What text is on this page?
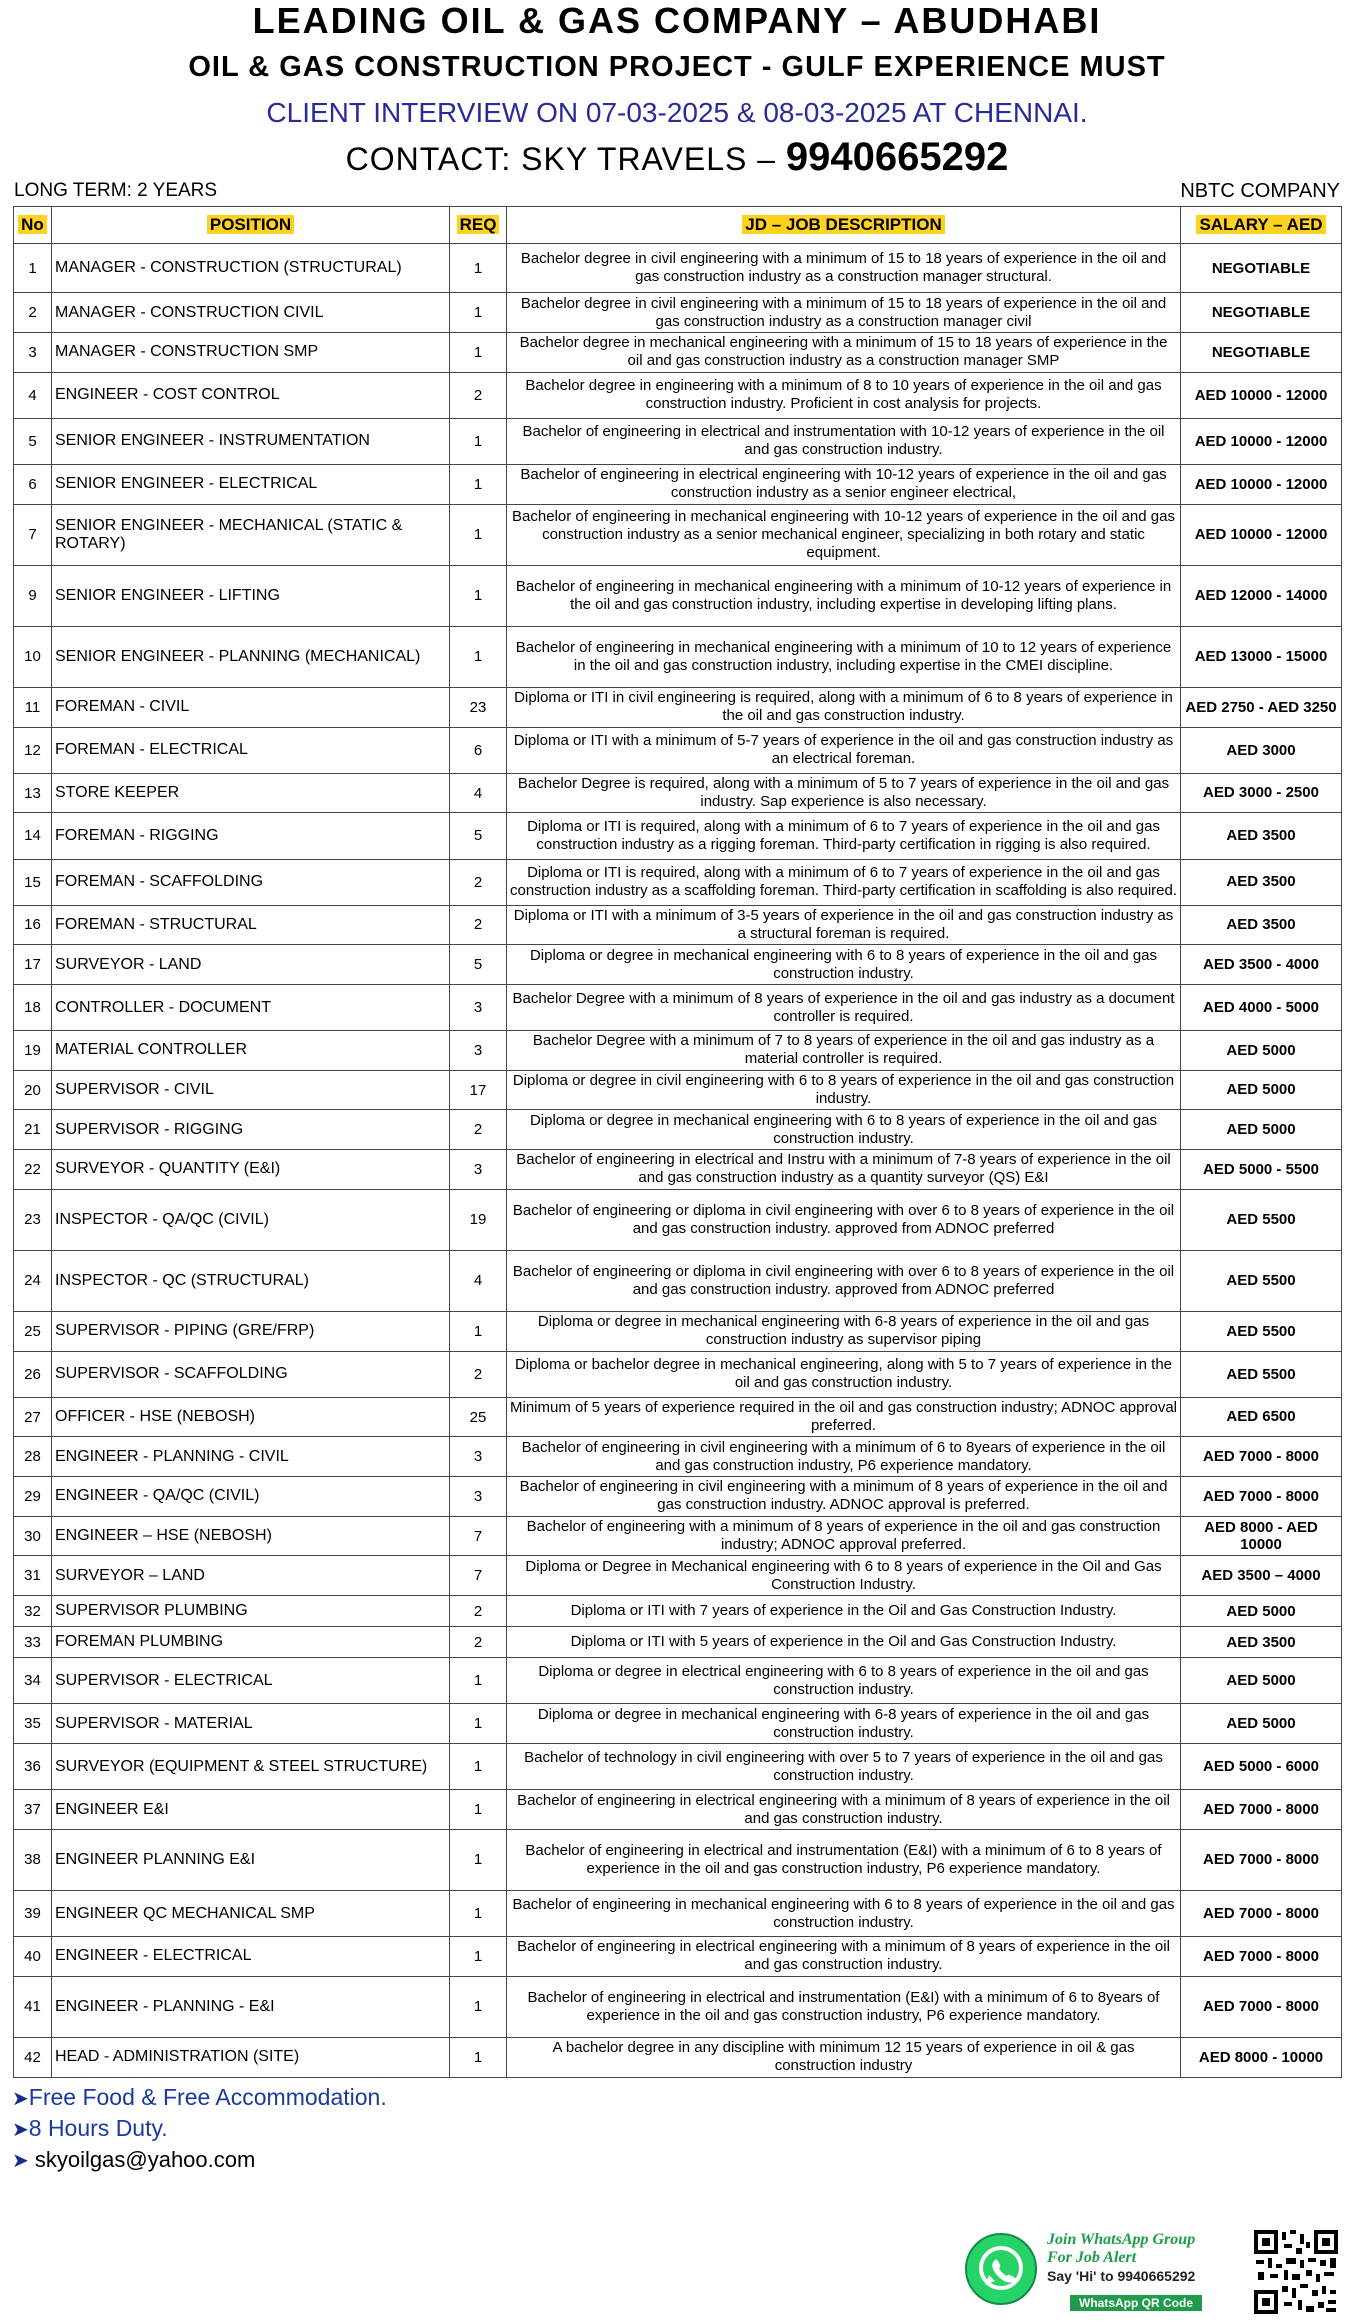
LEADING OIL & GAS COMPANY – ABUDHABI
OIL & GAS CONSTRUCTION PROJECT - GULF EXPERIENCE MUST
CLIENT INTERVIEW ON 07-03-2025 & 08-03-2025 AT CHENNAI.
CONTACT: SKY TRAVELS – 9940665292
LONG TERM: 2 YEARS	NBTC COMPANY
No	POSITION	REQ	JD – JOB DESCRIPTION	SALARY – AED
1	MANAGER - CONSTRUCTION (STRUCTURAL)	1	Bachelor degree in civil engineering with a minimum of 15 to 18 years of experience in the oil and gas construction industry as a construction manager structural.	NEGOTIABLE
2	MANAGER - CONSTRUCTION CIVIL	1	Bachelor degree in civil engineering with a minimum of 15 to 18 years of experience in the oil and gas construction industry as a construction manager civil	NEGOTIABLE
3	MANAGER - CONSTRUCTION SMP	1	Bachelor degree in mechanical engineering with a minimum of 15 to 18 years of experience in the oil and gas construction industry as a construction manager SMP	NEGOTIABLE
4	ENGINEER - COST CONTROL	2	Bachelor degree in engineering with a minimum of 8 to 10 years of experience in the oil and gas construction industry. Proficient in cost analysis for projects.	AED 10000 - 12000
5	SENIOR ENGINEER - INSTRUMENTATION	1	Bachelor of engineering in electrical and instrumentation with 10-12 years of experience in the oil and gas construction industry.	AED 10000 - 12000
6	SENIOR ENGINEER - ELECTRICAL	1	Bachelor of engineering in electrical engineering with 10-12 years of experience in the oil and gas construction industry as a senior engineer electrical,	AED 10000 - 12000
7	SENIOR ENGINEER - MECHANICAL (STATIC & ROTARY)	1	Bachelor of engineering in mechanical engineering with 10-12 years of experience in the oil and gas construction industry as a senior mechanical engineer, specializing in both rotary and static equipment.	AED 10000 - 12000
9	SENIOR ENGINEER - LIFTING	1	Bachelor of engineering in mechanical engineering with a minimum of 10-12 years of experience in the oil and gas construction industry, including expertise in developing lifting plans.	AED 12000 - 14000
10	SENIOR ENGINEER - PLANNING (MECHANICAL)	1	Bachelor of engineering in mechanical engineering with a minimum of 10 to 12 years of experience in the oil and gas construction industry, including expertise in the CMEI discipline.	AED 13000 - 15000
11	FOREMAN - CIVIL	23	Diploma or ITI in civil engineering is required, along with a minimum of 6 to 8 years of experience in the oil and gas construction industry.	AED 2750 - AED 3250
12	FOREMAN - ELECTRICAL	6	Diploma or ITI with a minimum of 5-7 years of experience in the oil and gas construction industry as an electrical foreman.	AED 3000
13	STORE KEEPER	4	Bachelor Degree is required, along with a minimum of 5 to 7 years of experience in the oil and gas industry. Sap experience is also necessary.	AED 3000 - 2500
14	FOREMAN - RIGGING	5	Diploma or ITI is required, along with a minimum of 6 to 7 years of experience in the oil and gas construction industry as a rigging foreman. Third-party certification in rigging is also required.	AED 3500
15	FOREMAN - SCAFFOLDING	2	Diploma or ITI is required, along with a minimum of 6 to 7 years of experience in the oil and gas construction industry as a scaffolding foreman. Third-party certification in scaffolding is also required.	AED 3500
16	FOREMAN - STRUCTURAL	2	Diploma or ITI with a minimum of 3-5 years of experience in the oil and gas construction industry as a structural foreman is required.	AED 3500
17	SURVEYOR - LAND	5	Diploma or degree in mechanical engineering with 6 to 8 years of experience in the oil and gas construction industry.	AED 3500 - 4000
18	CONTROLLER - DOCUMENT	3	Bachelor Degree with a minimum of 8 years of experience in the oil and gas industry as a document controller is required.	AED 4000 - 5000
19	MATERIAL CONTROLLER	3	Bachelor Degree with a minimum of 7 to 8 years of experience in the oil and gas industry as a material controller is required.	AED 5000
20	SUPERVISOR - CIVIL	17	Diploma or degree in civil engineering with 6 to 8 years of experience in the oil and gas construction industry.	AED 5000
21	SUPERVISOR - RIGGING	2	Diploma or degree in mechanical engineering with 6 to 8 years of experience in the oil and gas construction industry.	AED 5000
22	SURVEYOR - QUANTITY (E&I)	3	Bachelor of engineering in electrical and Instru with a minimum of 7-8 years of experience in the oil and gas construction industry as a quantity surveyor (QS) E&I	AED 5000 - 5500
23	INSPECTOR - QA/QC (CIVIL)	19	Bachelor of engineering or diploma in civil engineering with over 6 to 8 years of experience in the oil and gas construction industry. approved from ADNOC preferred	AED 5500
24	INSPECTOR - QC (STRUCTURAL)	4	Bachelor of engineering or diploma in civil engineering with over 6 to 8 years of experience in the oil and gas construction industry. approved from ADNOC preferred	AED 5500
25	SUPERVISOR - PIPING (GRE/FRP)	1	Diploma or degree in mechanical engineering with 6-8 years of experience in the oil and gas construction industry as supervisor piping	AED 5500
26	SUPERVISOR - SCAFFOLDING	2	Diploma or bachelor degree in mechanical engineering, along with 5 to 7 years of experience in the oil and gas construction industry.	AED 5500
27	OFFICER - HSE (NEBOSH)	25	Minimum of 5 years of experience required in the oil and gas construction industry; ADNOC approval preferred.	AED 6500
28	ENGINEER - PLANNING - CIVIL	3	Bachelor of engineering in civil engineering with a minimum of 6 to 8years of experience in the oil and gas construction industry, P6 experience mandatory.	AED 7000 - 8000
29	ENGINEER - QA/QC (CIVIL)	3	Bachelor of engineering in civil engineering with a minimum of 8 years of experience in the oil and gas construction industry. ADNOC approval is preferred.	AED 7000 - 8000
30	ENGINEER – HSE (NEBOSH)	7	Bachelor of engineering with a minimum of 8 years of experience in the oil and gas construction industry; ADNOC approval preferred.	AED 8000 - AED 10000
31	SURVEYOR – LAND	7	Diploma or Degree in Mechanical engineering with 6 to 8 years of experience in the Oil and Gas Construction Industry.	AED 3500 – 4000
32	SUPERVISOR PLUMBING	2	Diploma or ITI with 7 years of experience in the Oil and Gas Construction Industry.	AED 5000
33	FOREMAN PLUMBING	2	Diploma or ITI with 5 years of experience in the Oil and Gas Construction Industry.	AED 3500
34	SUPERVISOR - ELECTRICAL	1	Diploma or degree in electrical engineering with 6 to 8 years of experience in the oil and gas construction industry.	AED 5000
35	SUPERVISOR - MATERIAL	1	Diploma or degree in mechanical engineering with 6-8 years of experience in the oil and gas construction industry.	AED 5000
36	SURVEYOR (EQUIPMENT & STEEL STRUCTURE)	1	Bachelor of technology in civil engineering with over 5 to 7 years of experience in the oil and gas construction industry.	AED 5000 - 6000
37	ENGINEER E&I	1	Bachelor of engineering in electrical engineering with a minimum of 8 years of experience in the oil and gas construction industry.	AED 7000 - 8000
38	ENGINEER PLANNING E&I	1	Bachelor of engineering in electrical and instrumentation (E&I) with a minimum of 6 to 8 years of experience in the oil and gas construction industry, P6 experience mandatory.	AED 7000 - 8000
39	ENGINEER QC MECHANICAL SMP	1	Bachelor of engineering in mechanical engineering with 6 to 8 years of experience in the oil and gas construction industry.	AED 7000 - 8000
40	ENGINEER - ELECTRICAL	1	Bachelor of engineering in electrical engineering with a minimum of 8 years of experience in the oil and gas construction industry.	AED 7000 - 8000
41	ENGINEER - PLANNING - E&I	1	Bachelor of engineering in electrical and instrumentation (E&I) with a minimum of 6 to 8years of experience in the oil and gas construction industry, P6 experience mandatory.	AED 7000 - 8000
42	HEAD - ADMINISTRATION (SITE)	1	A bachelor degree in any discipline with minimum 12 15 years of experience in oil & gas construction industry	AED 8000 - 10000
➤Free Food & Free Accommodation.
➤8 Hours Duty.
➤ skyoilgas@yahoo.com
Join WhatsApp Group
For Job Alert
Say 'Hi' to 9940665292
WhatsApp QR Code
